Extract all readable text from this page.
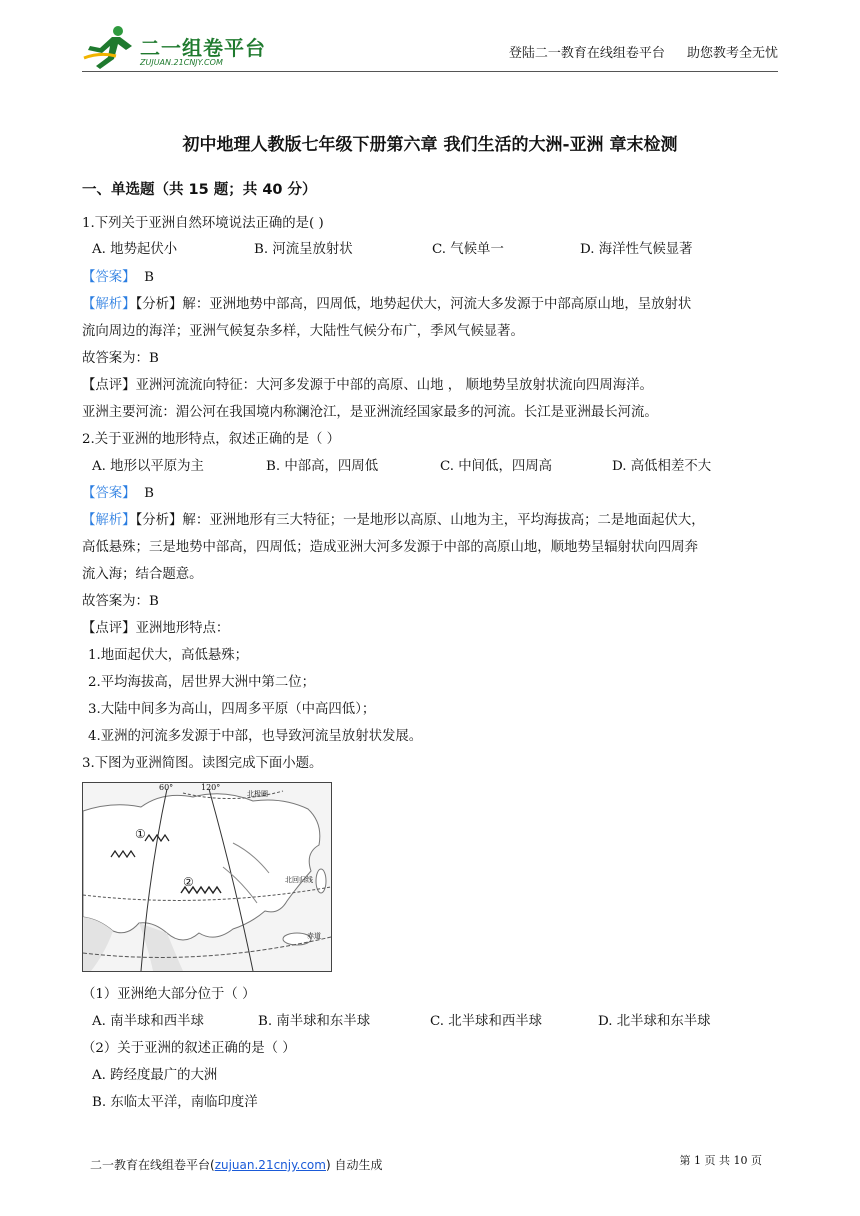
二一组卷平台
ZUJUAN.21CNJY.COM
登陆二一教育在线组卷平台 助您教考全无忧
初中地理人教版七年级下册第六章 我们生活的大洲-亚洲 章末检测
一、单选题（共 15 题；共 40 分）
1.下列关于亚洲自然环境说法正确的是( )
A. 地势起伏小	B. 河流呈放射状	C. 气候单一	D. 海洋性气候显著
【答案】 B
【解析】【分析】解：亚洲地势中部高，四周低，地势起伏大，河流大多发源于中部高原山地，呈放射状
流向周边的海洋；亚洲气候复杂多样，大陆性气候分布广，季风气候显著。
故答案为：B
【点评】亚洲河流流向特征：大河多发源于中部的高原、山地 ， 顺地势呈放射状流向四周海洋。
亚洲主要河流：湄公河在我国境内称澜沧江，是亚洲流经国家最多的河流。长江是亚洲最长河流。
2.关于亚洲的地形特点，叙述正确的是（ ）
A. 地形以平原为主	B. 中部高，四周低	C. 中间低，四周高	D. 高低相差不大
【答案】 B
【解析】【分析】解：亚洲地形有三大特征；一是地形以高原、山地为主，平均海拔高；二是地面起伏大，
高低悬殊；三是地势中部高，四周低；造成亚洲大河多发源于中部的高原山地，顺地势呈辐射状向四周奔
流入海；结合题意。
故答案为：B
【点评】亚洲地形特点：
1.地面起伏大，高低悬殊；
2.平均海拔高，居世界大洲中第二位；
3.大陆中间多为高山，四周多平原（中高四低）；
4.亚洲的河流多发源于中部，也导致河流呈放射状发展。
3.下图为亚洲简图。读图完成下面小题。
60°	120°
北极圈
北回归线
赤道
①
②
（1）亚洲绝大部分位于（ ）
A. 南半球和西半球	B. 南半球和东半球	C. 北半球和西半球	D. 北半球和东半球
（2）关于亚洲的叙述正确的是（ ）
A. 跨经度最广的大洲
B. 东临太平洋，南临印度洋
二一教育在线组卷平台(zujuan.21cnjy.com) 自动生成	第 1 页 共 10 页
